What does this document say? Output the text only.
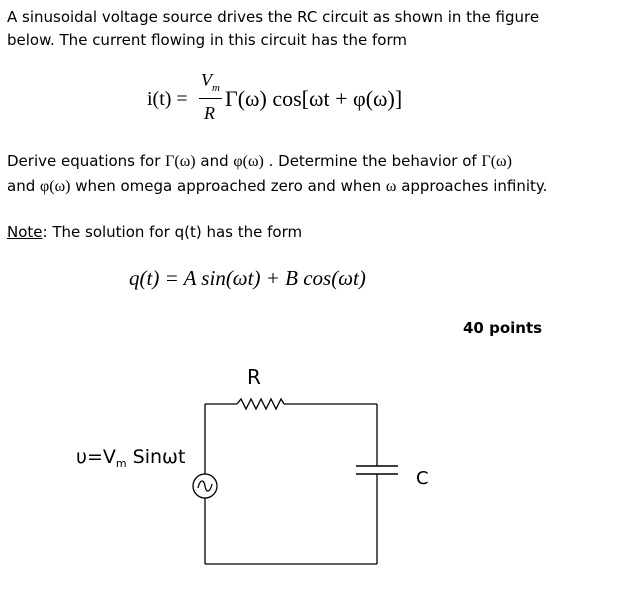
A sinusoidal voltage source drives the RC circuit as shown in the figure
below. The current flowing in this circuit has the form
i(t) =
V m
R
Γ(ω) cos[ωt + φ(ω)]
Derive equations for Γ(ω) and φ(ω) . Determine the behavior of Γ(ω)
and φ(ω) when omega approached zero and when ω approaches infinity.
Note: The solution for q(t) has the form
q(t) = A sin(ωt) + B cos(ωt)
40 points
R
C
$\upsilon=V_m$ Sinωt
